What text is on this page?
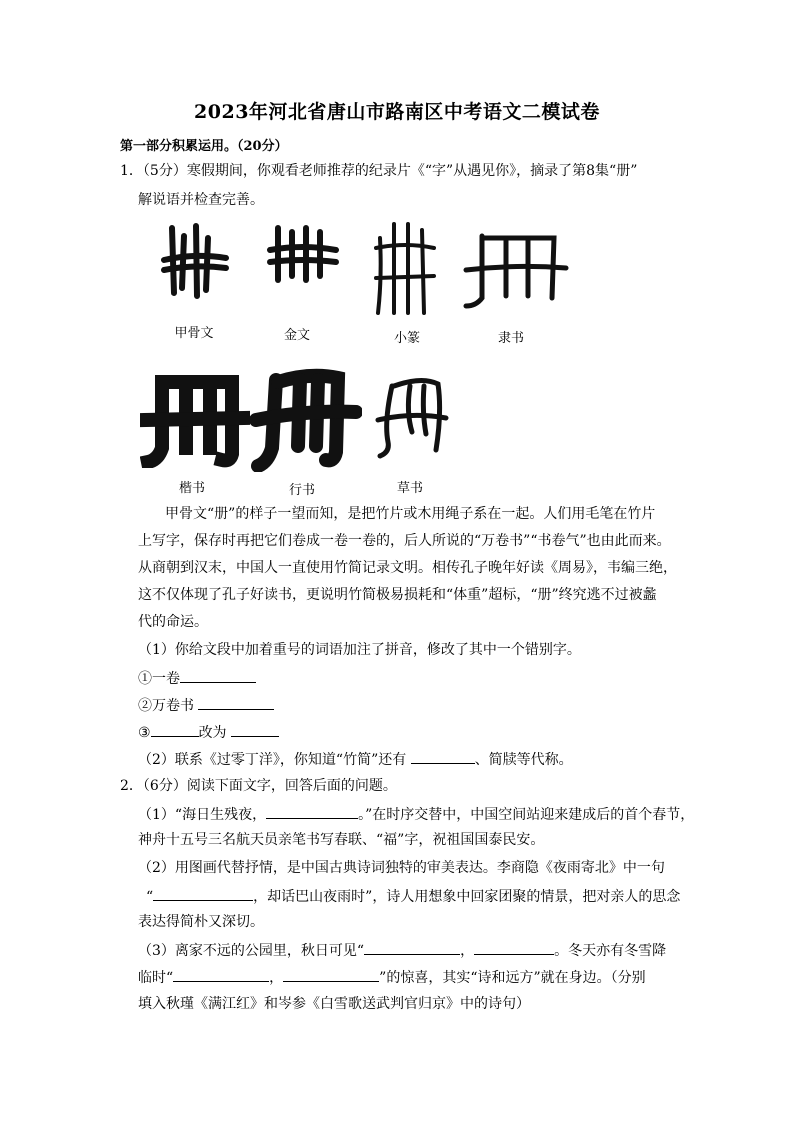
2023年河北省唐山市路南区中考语文二模试卷
第一部分积累运用。（20分）
1．（5分）寒假期间，你观看老师推荐的纪录片《“字”从遇见你》，摘录了第8集“册”
解说语并检查完善。
甲骨文	金文	小篆	隶书
楷书	行书	草书
甲骨文“册”的样子一望而知，是把竹片或木用绳子系在一起。人们用毛笔在竹片
上写字，保存时再把它们卷成一卷一卷的，后人所说的“万卷书”“书卷气”也由此而来。
从商朝到汉末，中国人一直使用竹简记录文明。相传孔子晚年好读《周易》，韦编三绝，
这不仅体现了孔子好读书，更说明竹简极易损耗和“体重”超标，“册”终究逃不过被蠡
代的命运。
（1）你给文段中加着重号的词语加注了拼音，修改了其中一个错别字。
①一卷
②万卷书
③	改为
（2）联系《过零丁洋》，你知道“竹简”还有	、简牍等代称。
2．（6分）阅读下面文字，回答后面的问题。
（1）“海日生残夜，	。”在时序交替中，中国空间站迎来建成后的首个春节，
神舟十五号三名航天员亲笔书写春联、“福”字，祝祖国国泰民安。
（2）用图画代替抒情，是中国古典诗词独特的审美表达。李商隐《夜雨寄北》中一句
“	，却话巴山夜雨时”，诗人用想象中回家团聚的情景，把对亲人的思念
表达得简朴又深切。
（3）离家不远的公园里，秋日可见“	，	。冬天亦有冬雪降
临时“	，	”的惊喜，其实“诗和远方”就在身边。（分别
填入秋瑾《满江红》和岑参《白雪歌送武判官归京》中的诗句）
